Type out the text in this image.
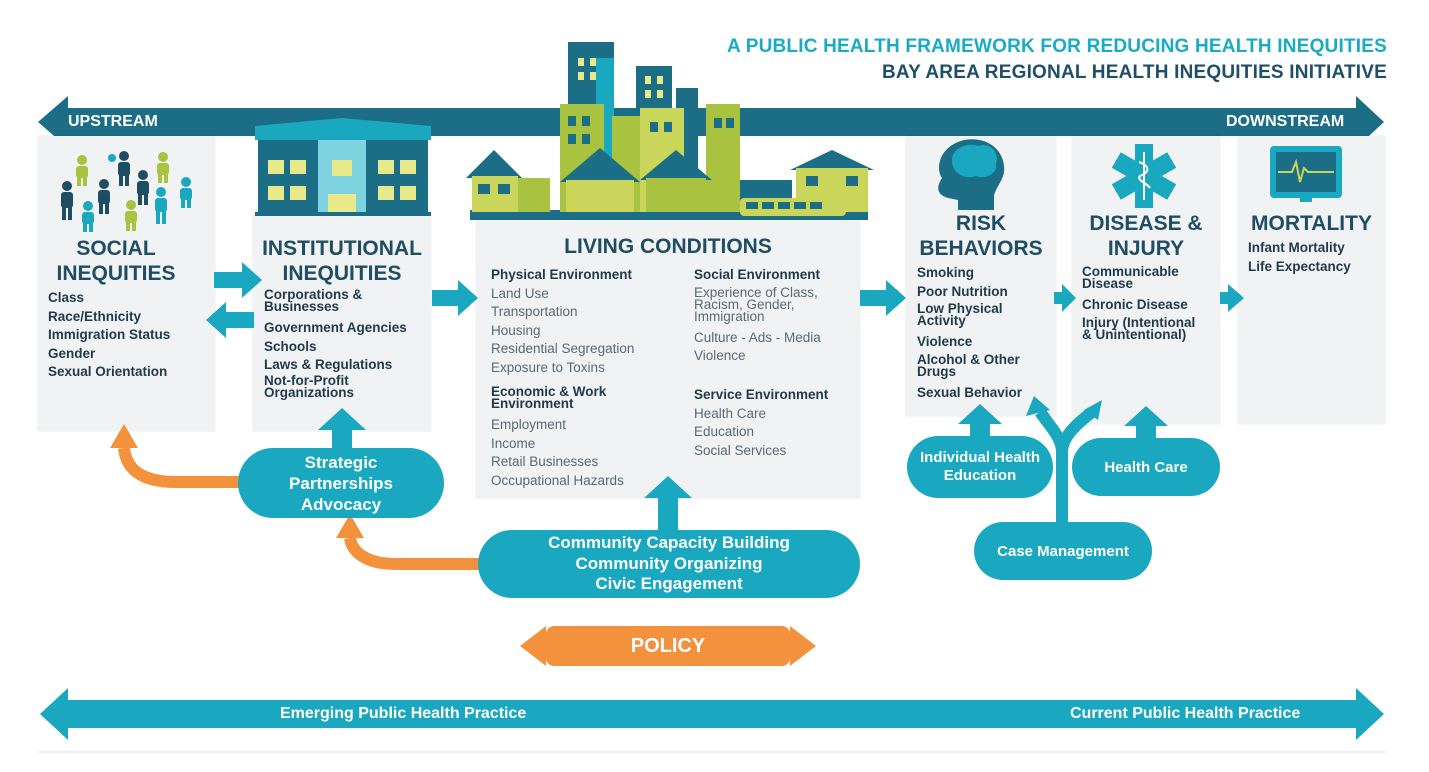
A PUBLIC HEALTH FRAMEWORK FOR REDUCING HEALTH INEQUITIES
BAY AREA REGIONAL HEALTH INEQUITIES INITIATIVE
UPSTREAM	DOWNSTREAM
SOCIAL
INEQUITIES
Class
Race/Ethnicity
Immigration Status
Gender
Sexual Orientation
INSTITUTIONAL
INEQUITIES
Corporations &
Businesses
Government Agencies
Schools
Laws & Regulations
Not-for-Profit
Organizations
LIVING CONDITIONS
Physical Environment
Land Use
Transportation
Housing
Residential Segregation
Exposure to Toxins
Economic & Work
Environment
Employment
Income
Retail Businesses
Occupational Hazards
Social Environment
Experience of Class,
Racism, Gender,
Immigration
Culture - Ads - Media
Violence
Service Environment
Health Care
Education
Social Services
RISK
BEHAVIORS
Smoking
Poor Nutrition
Low Physical
Activity
Violence
Alcohol & Other
Drugs
Sexual Behavior
DISEASE &
INJURY
Communicable
Disease
Chronic Disease
Injury (Intentional
& Unintentional)
MORTALITY
Infant Mortality
Life Expectancy
Strategic
Partnerships
Advocacy
Community Capacity Building
Community Organizing
Civic Engagement
POLICY
Individual Health
Education	Health Care
Case Management
Emerging Public Health Practice	Current Public Health Practice
